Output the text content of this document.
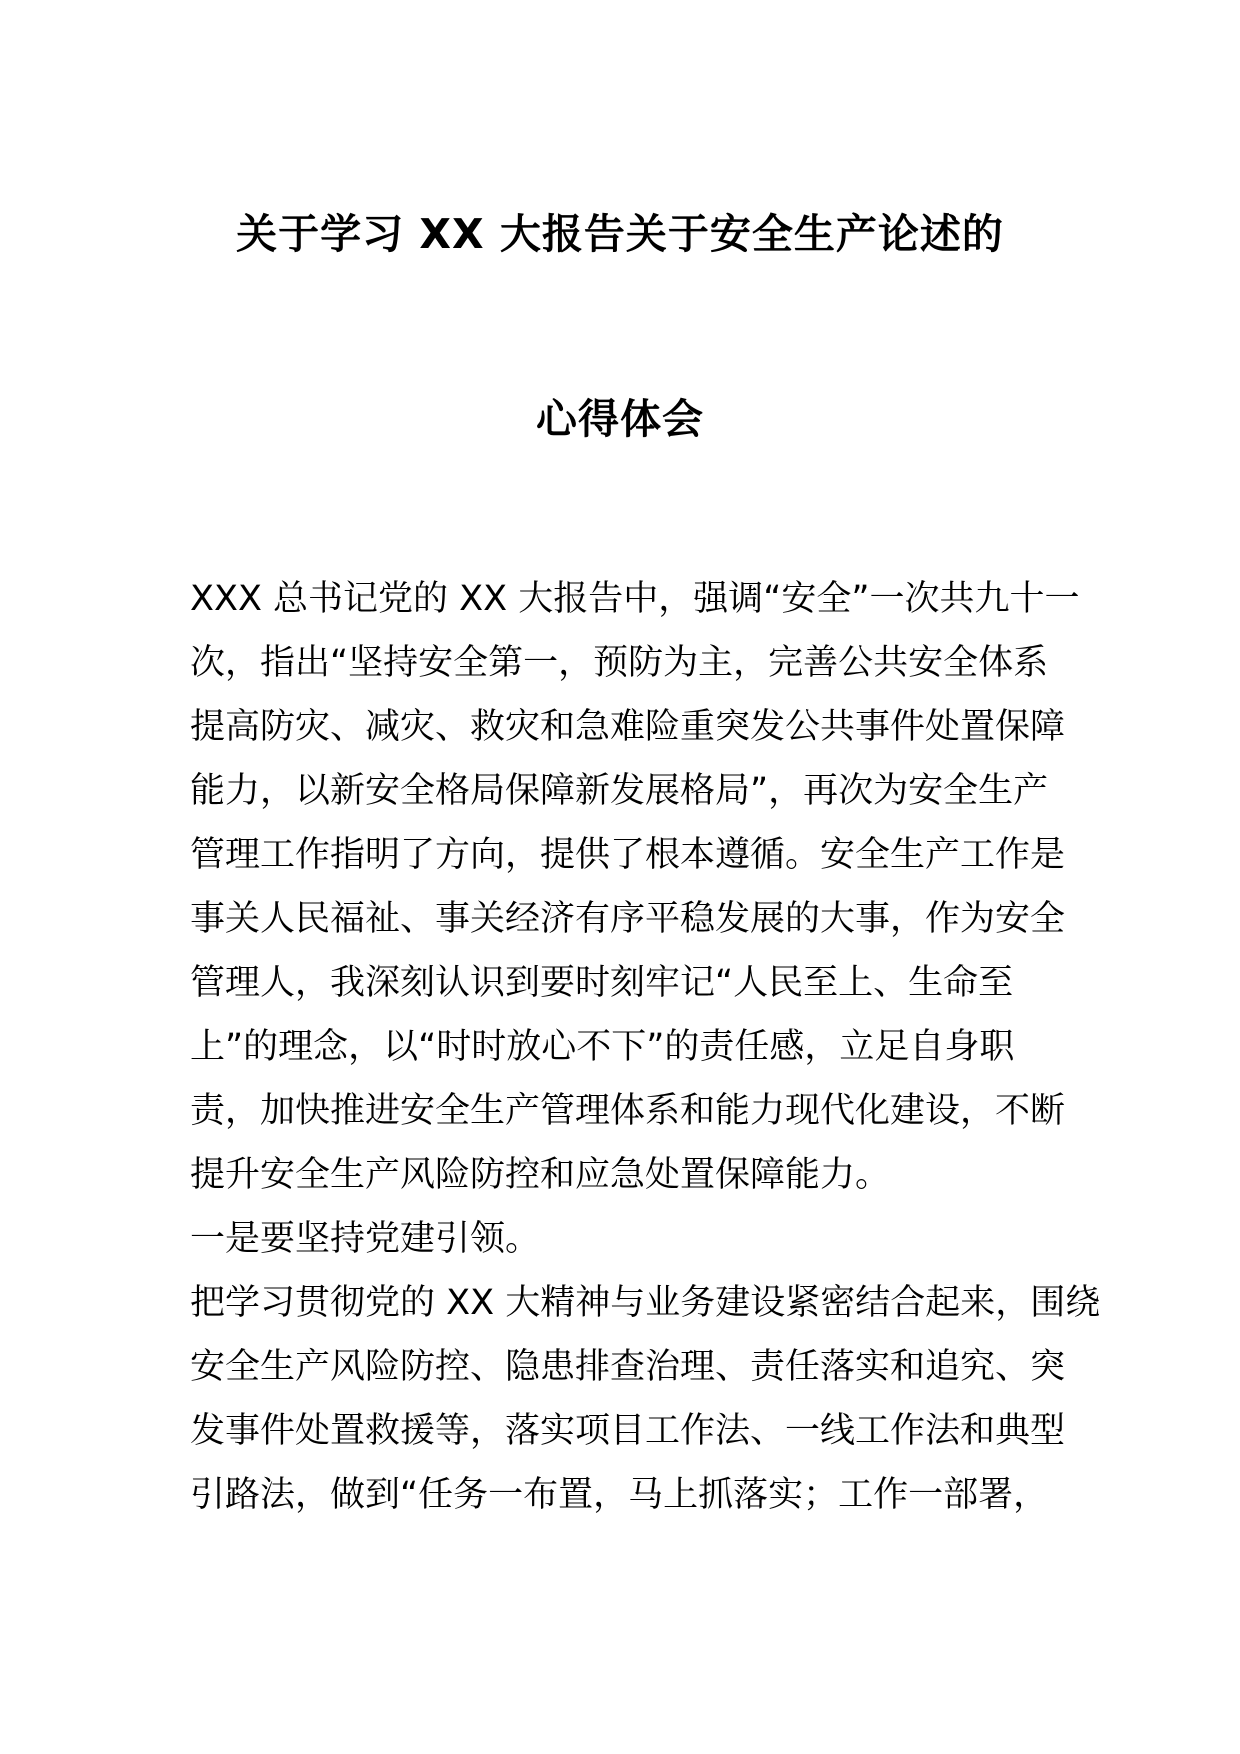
关于学习 XX 大报告关于安全生产论述的
心得体会
XXX 总书记党的 XX 大报告中，强调“安全”一次共九十一
次，指出“坚持安全第一，预防为主，完善公共安全体系
提高防灾、减灾、救灾和急难险重突发公共事件处置保障
能力，以新安全格局保障新发展格局”，再次为安全生产
管理工作指明了方向，提供了根本遵循。安全生产工作是
事关人民福祉、事关经济有序平稳发展的大事，作为安全
管理人，我深刻认识到要时刻牢记“人民至上、生命至
上”的理念，以“时时放心不下”的责任感，立足自身职
责，加快推进安全生产管理体系和能力现代化建设，不断
提升安全生产风险防控和应急处置保障能力。
一是要坚持党建引领。
把学习贯彻党的 XX 大精神与业务建设紧密结合起来，围绕
安全生产风险防控、隐患排查治理、责任落实和追究、突
发事件处置救援等，落实项目工作法、一线工作法和典型
引路法，做到“任务一布置，马上抓落实；工作一部署，
